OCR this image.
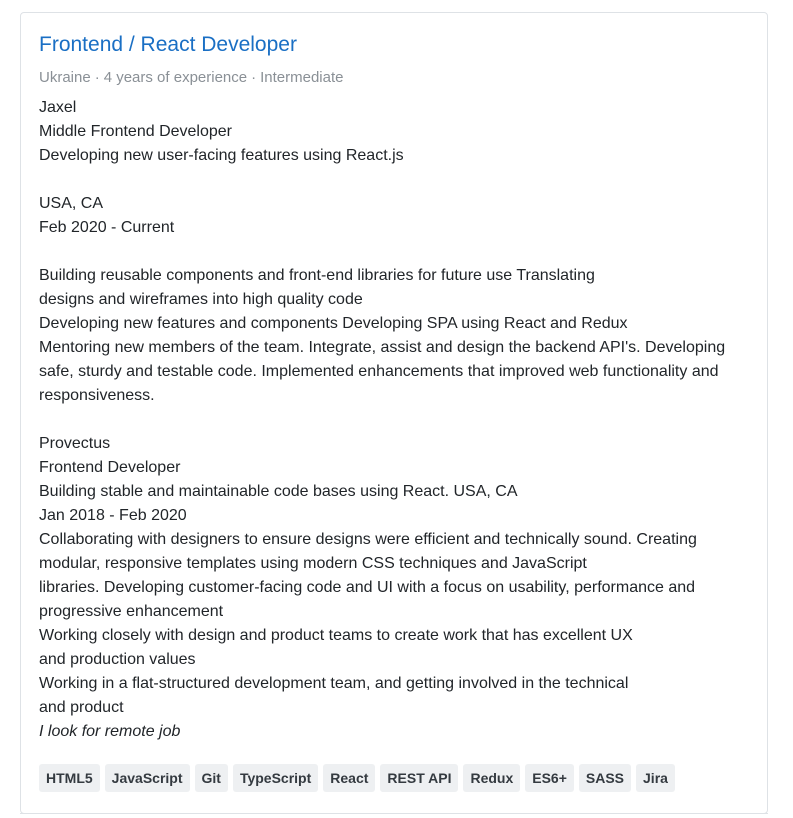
Frontend / React Developer
Ukraine · 4 years of experience · Intermediate
Jaxel
Middle Frontend Developer
Developing new user-facing features using React.js
USA, CA
Feb 2020 - Current
Building reusable components and front-end libraries for future use Translating
designs and wireframes into high quality code
Developing new features and components Developing SPA using React and Redux
Mentoring new members of the team. Integrate, assist and design the backend API's. Developing
safe, sturdy and testable code. Implemented enhancements that improved web functionality and
responsiveness.
Provectus
Frontend Developer
Building stable and maintainable code bases using React. USA, CA
Jan 2018 - Feb 2020
Collaborating with designers to ensure designs were efficient and technically sound. Creating
modular, responsive templates using modern CSS techniques and JavaScript
libraries. Developing customer-facing code and UI with a focus on usability, performance and
progressive enhancement
Working closely with design and product teams to create work that has excellent UX
and production values
Working in a flat-structured development team, and getting involved in the technical
and product
I look for remote job
HTML5	JavaScript	Git	TypeScript	React	REST API	Redux	ES6+	SASS	Jira
